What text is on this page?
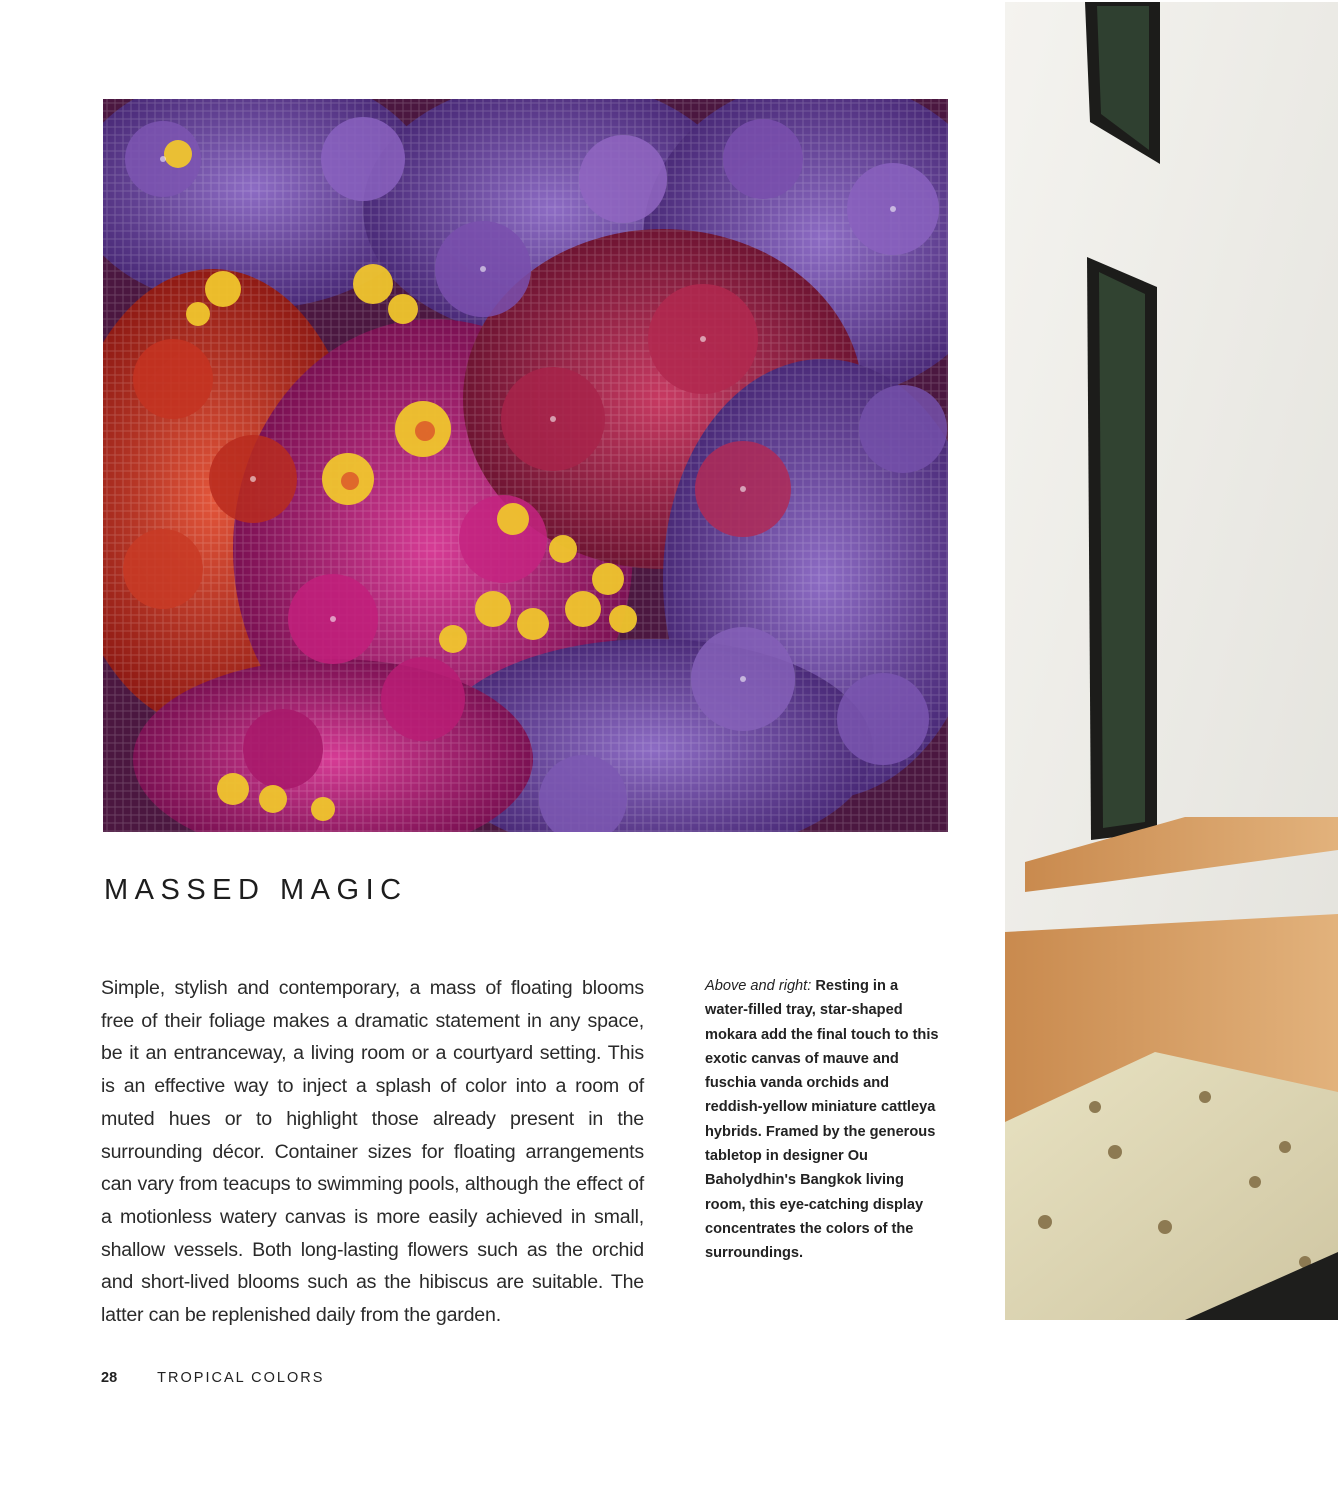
MASSED MAGIC

Simple, stylish and contemporary, a mass of floating blooms free of their foliage makes a dramatic statement in any space, be it an entranceway, a living room or a courtyard setting. This is an effective way to inject a splash of color into a room of muted hues or to highlight those already present in the surrounding décor. Container sizes for floating arrangements can vary from teacups to swimming pools, although the effect of a motionless watery canvas is more easily achieved in small, shallow vessels. Both long-lasting flowers such as the orchid and short-lived blooms such as the hibiscus are suitable. The latter can be replenished daily from the garden.

Above and right: Resting in a water-filled tray, star-shaped mokara add the final touch to this exotic canvas of mauve and fuschia vanda orchids and reddish-yellow miniature cattleya hybrids. Framed by the generous tabletop in designer Ou Baholydhin's Bangkok living room, this eye-catching display concentrates the colors of the surroundings.

28	TROPICAL COLORS
